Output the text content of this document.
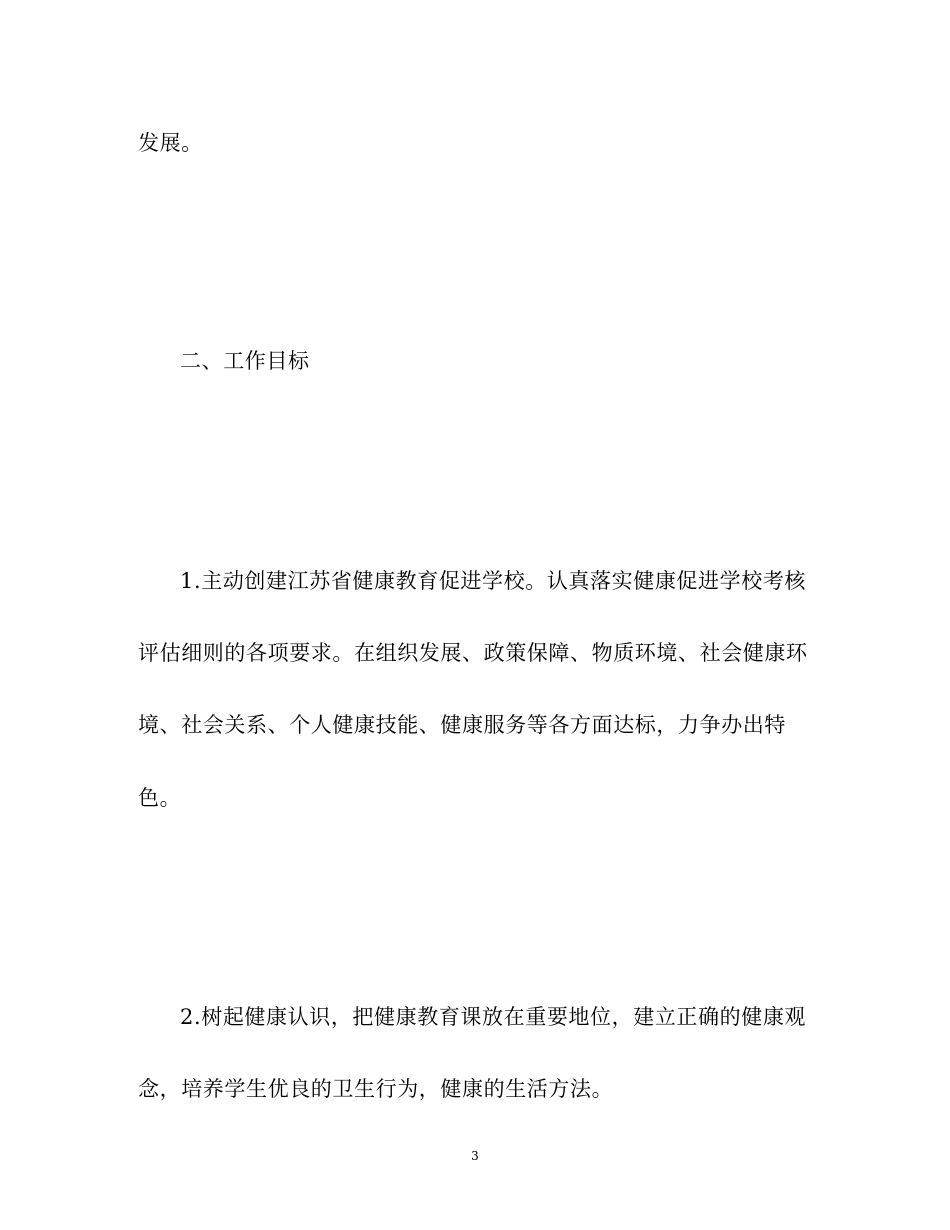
发展。
二、工作目标
1.主动创建江苏省健康教育促进学校。认真落实健康促进学校考核
评估细则的各项要求。在组织发展、政策保障、物质环境、社会健康环
境、社会关系、个人健康技能、健康服务等各方面达标，力争办出特
色。
2.树起健康认识，把健康教育课放在重要地位，建立正确的健康观
念，培养学生优良的卫生行为，健康的生活方法。
3
